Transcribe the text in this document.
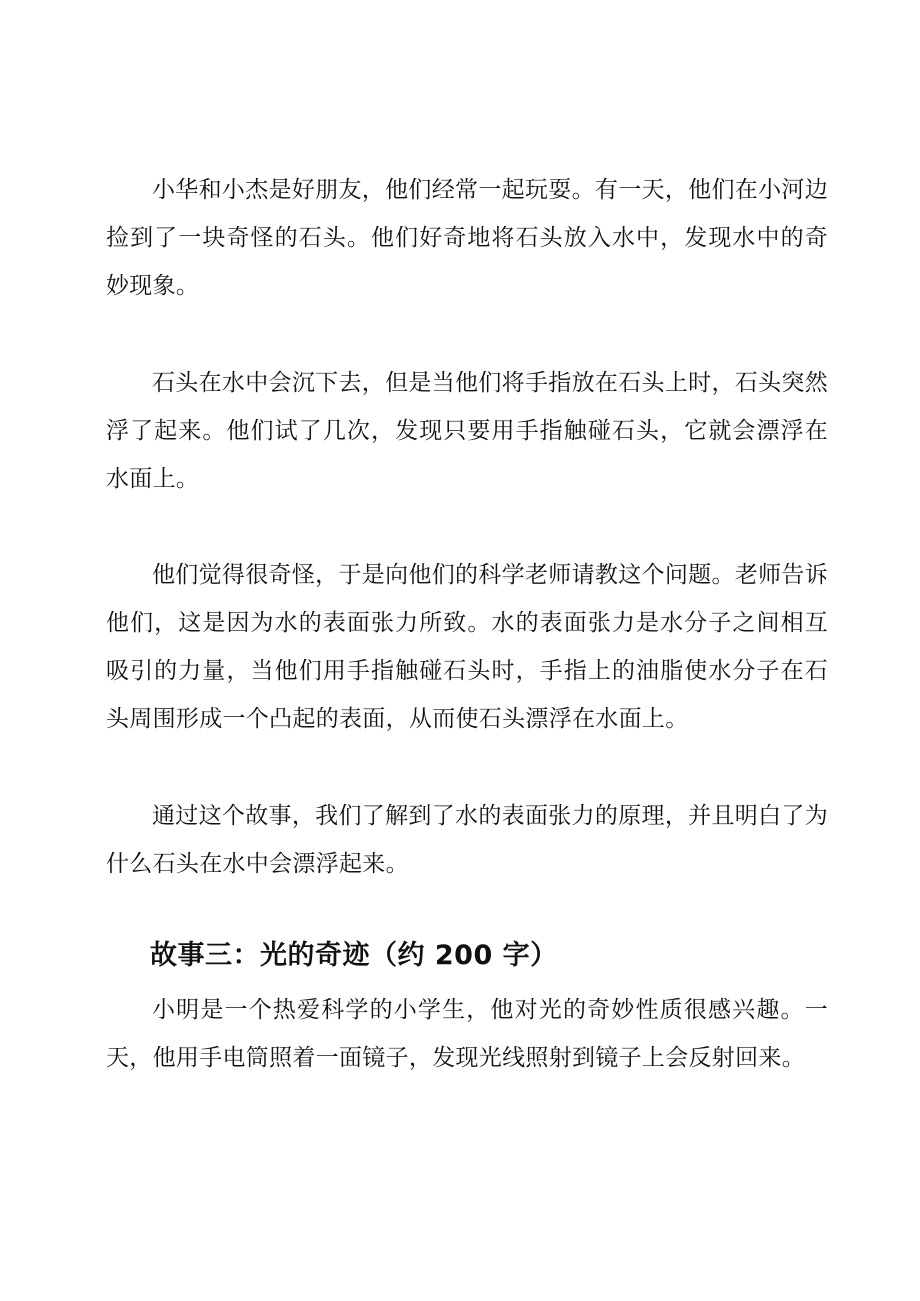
小华和小杰是好朋友，他们经常一起玩耍。有一天，他们在小河边捡到了一块奇怪的石头。他们好奇地将石头放入水中，发现水中的奇妙现象。

石头在水中会沉下去，但是当他们将手指放在石头上时，石头突然浮了起来。他们试了几次，发现只要用手指触碰石头，它就会漂浮在水面上。

他们觉得很奇怪，于是向他们的科学老师请教这个问题。老师告诉他们，这是因为水的表面张力所致。水的表面张力是水分子之间相互吸引的力量，当他们用手指触碰石头时，手指上的油脂使水分子在石头周围形成一个凸起的表面，从而使石头漂浮在水面上。

通过这个故事，我们了解到了水的表面张力的原理，并且明白了为什么石头在水中会漂浮起来。

故事三：光的奇迹（约 200 字）

小明是一个热爱科学的小学生，他对光的奇妙性质很感兴趣。一天，他用手电筒照着一面镜子，发现光线照射到镜子上会反射回来。
